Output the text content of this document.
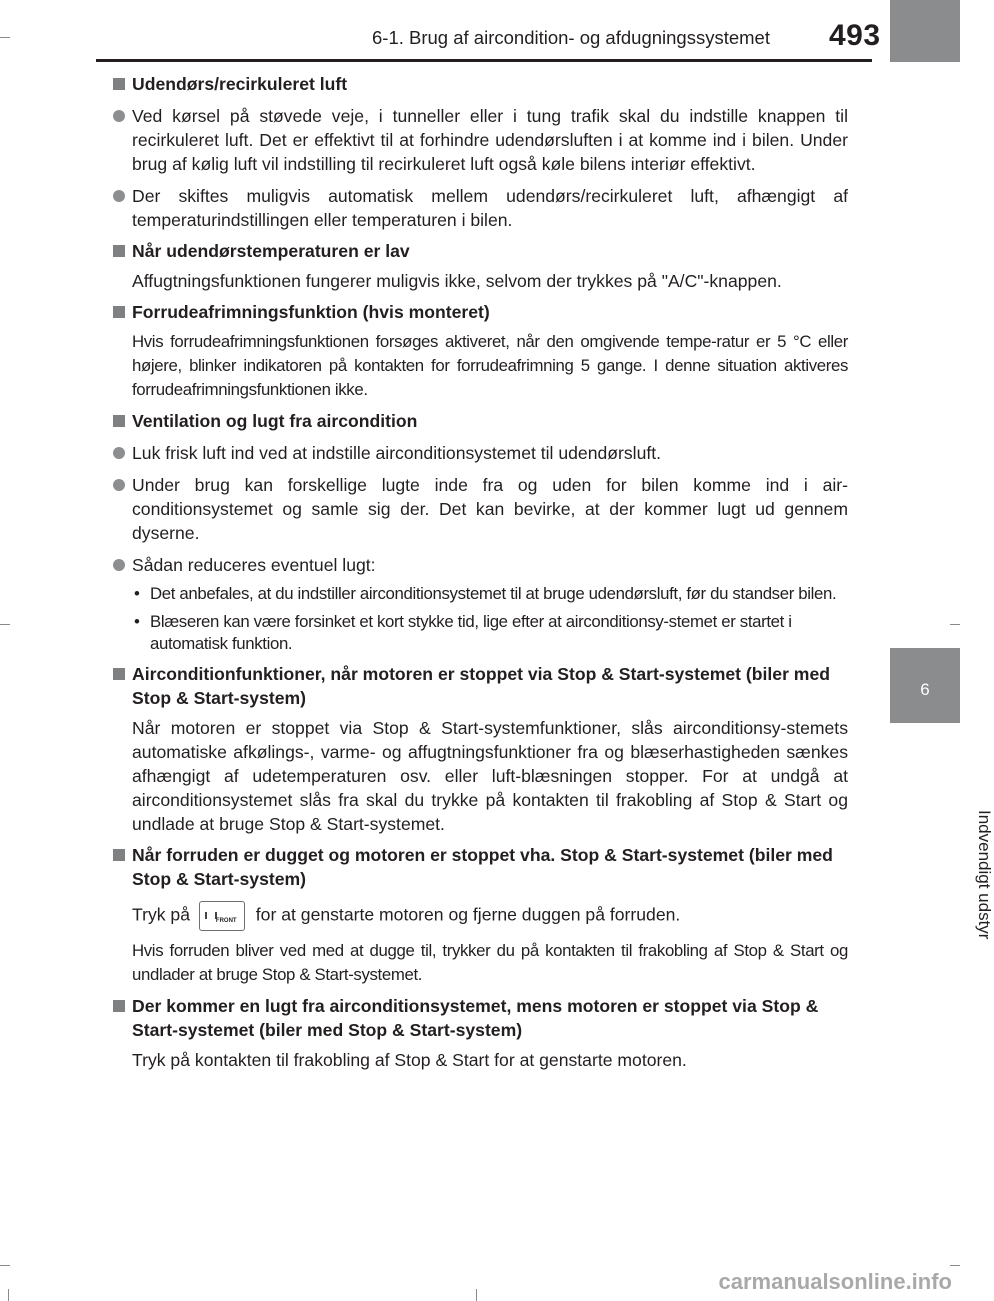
6-1. Brug af aircondition- og afdugningssystemet 493
6
Indvendigt udstyr
Udendørs/recirkuleret luft
Ved kørsel på støvede veje, i tunneller eller i tung trafik skal du indstille knappen til recirkuleret luft. Det er effektivt til at forhindre udendørsluften i at komme ind i bilen. Under brug af kølig luft vil indstilling til recirkuleret luft også køle bilens interiør effektivt.
Der skiftes muligvis automatisk mellem udendørs/recirkuleret luft, afhængigt af temperaturindstillingen eller temperaturen i bilen.
Når udendørstemperaturen er lav
Affugtningsfunktionen fungerer muligvis ikke, selvom der trykkes på "A/C"-knappen.
Forrudeafrimningsfunktion (hvis monteret)
Hvis forrudeafrimningsfunktionen forsøges aktiveret, når den omgivende tempe-ratur er 5 °C eller højere, blinker indikatoren på kontakten for forrudeafrimning 5 gange. I denne situation aktiveres forrudeafrimningsfunktionen ikke.
Ventilation og lugt fra aircondition
Luk frisk luft ind ved at indstille airconditionsystemet til udendørsluft.
Under brug kan forskellige lugte inde fra og uden for bilen komme ind i air-conditionsystemet og samle sig der. Det kan bevirke, at der kommer lugt ud gennem dyserne.
Sådan reduceres eventuel lugt:
• Det anbefales, at du indstiller airconditionsystemet til at bruge udendørsluft, før du standser bilen.
• Blæseren kan være forsinket et kort stykke tid, lige efter at airconditionsy-stemet er startet i automatisk funktion.
Airconditionfunktioner, når motoren er stoppet via Stop & Start-systemet (biler med Stop & Start-system)
Når motoren er stoppet via Stop & Start-systemfunktioner, slås airconditionsy-stemets automatiske afkølings-, varme- og affugtningsfunktioner fra og blæserhastigheden sænkes afhængigt af udetemperaturen osv. eller luft-blæsningen stopper. For at undgå at airconditionsystemet slås fra skal du trykke på kontakten til frakobling af Stop & Start og undlade at bruge Stop & Start-systemet.
Når forruden er dugget og motoren er stoppet vha. Stop & Start-systemet (biler med Stop & Start-system)
Tryk på	FRONT for at genstarte motoren og fjerne duggen på forruden.
Hvis forruden bliver ved med at dugge til, trykker du på kontakten til frakobling af Stop & Start og undlader at bruge Stop & Start-systemet.
Der kommer en lugt fra airconditionsystemet, mens motoren er stoppet via Stop & Start-systemet (biler med Stop & Start-system)
Tryk på kontakten til frakobling af Stop & Start for at genstarte motoren.
carmanualsonline.info
